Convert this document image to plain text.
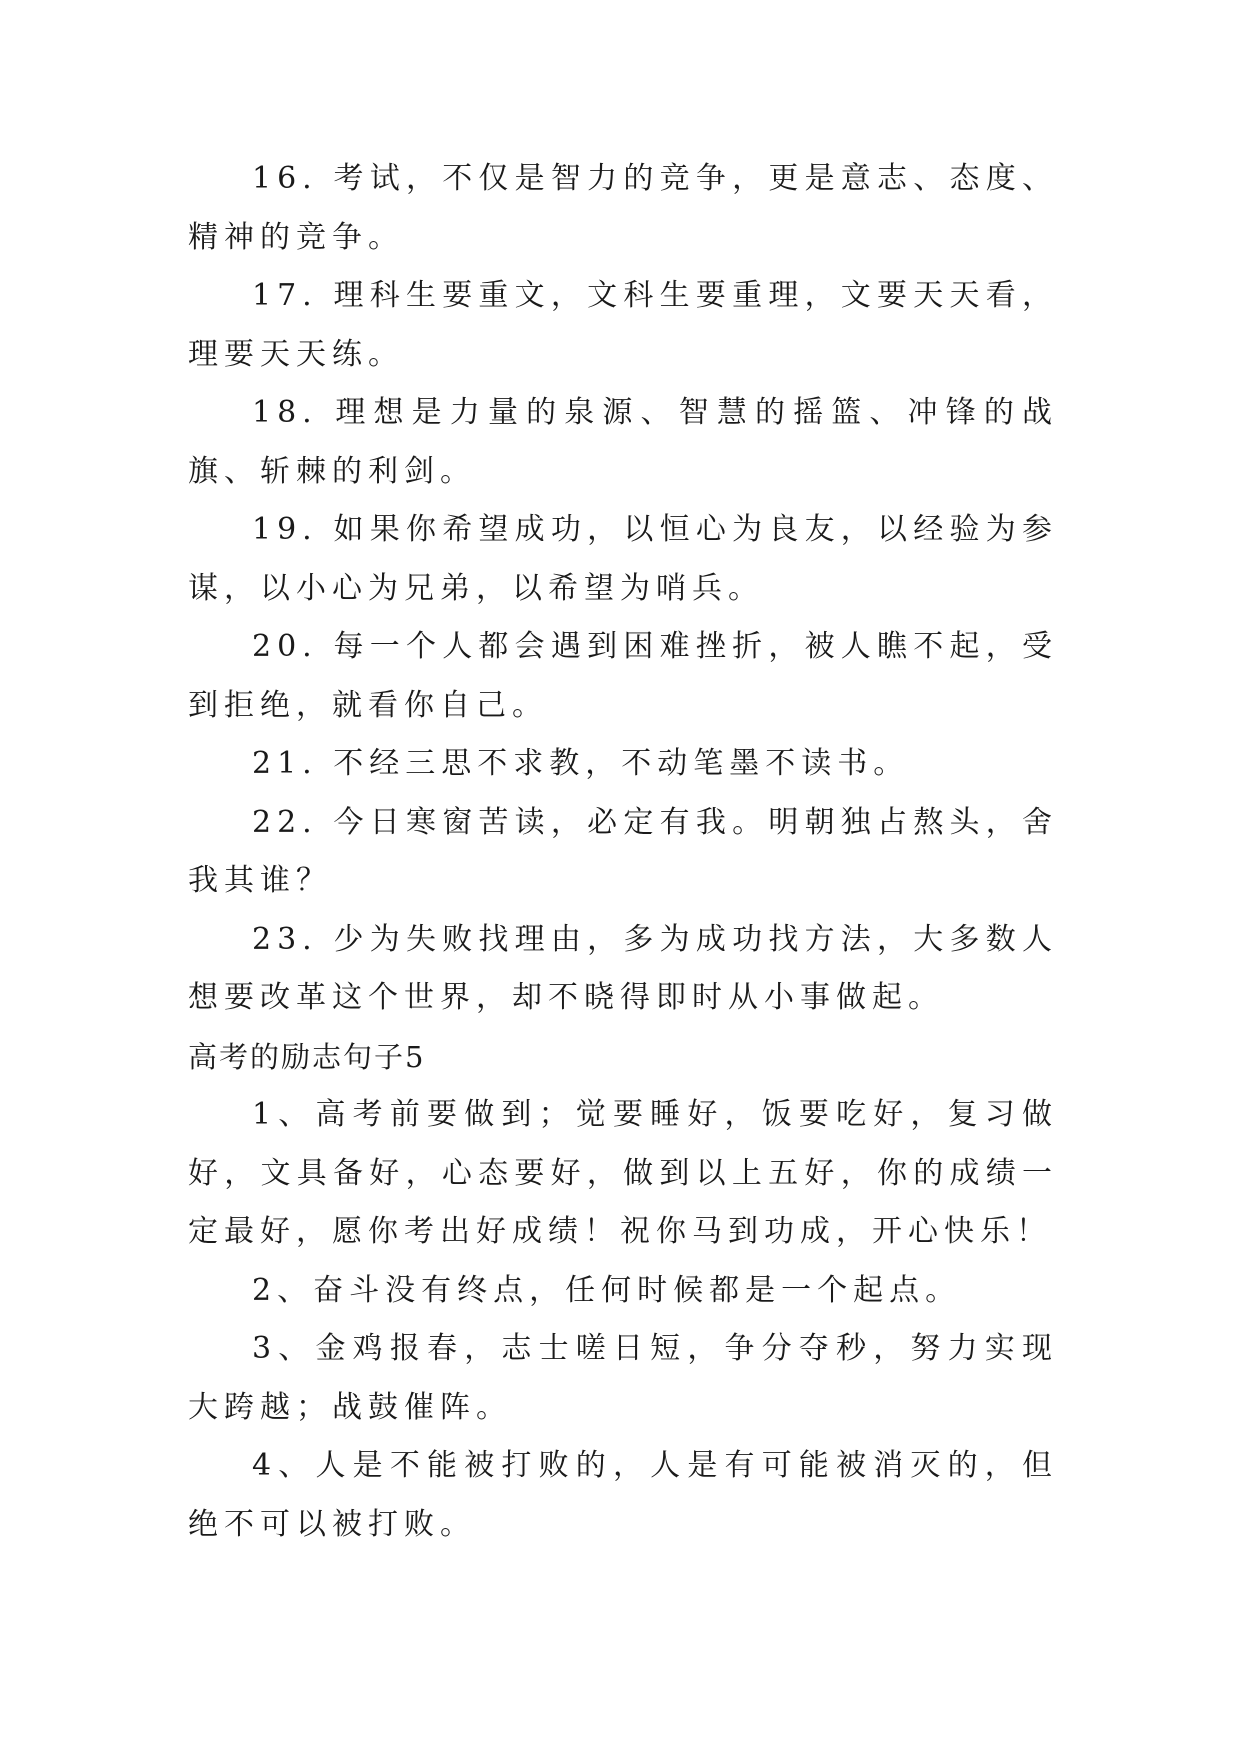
16. 考试，不仅是智力的竞争，更是意志、态度、精神的竞争。

17. 理科生要重文，文科生要重理，文要天天看，理要天天练。

18. 理想是力量的泉源、智慧的摇篮、冲锋的战旗、斩棘的利剑。

19. 如果你希望成功，以恒心为良友，以经验为参谋，以小心为兄弟，以希望为哨兵。

20. 每一个人都会遇到困难挫折，被人瞧不起，受到拒绝，就看你自己。

21. 不经三思不求教，不动笔墨不读书。

22. 今日寒窗苦读，必定有我。明朝独占熬头，舍我其谁？

23. 少为失败找理由，多为成功找方法，大多数人想要改革这个世界，却不晓得即时从小事做起。

高考的励志句子5

1、高考前要做到；觉要睡好，饭要吃好，复习做好，文具备好，心态要好，做到以上五好，你的成绩一定最好，愿你考出好成绩！祝你马到功成，开心快乐！

2、奋斗没有终点，任何时候都是一个起点。

3、金鸡报春，志士嗟日短，争分夺秒，努力实现大跨越；战鼓催阵。

4、人是不能被打败的，人是有可能被消灭的，但绝不可以被打败。
